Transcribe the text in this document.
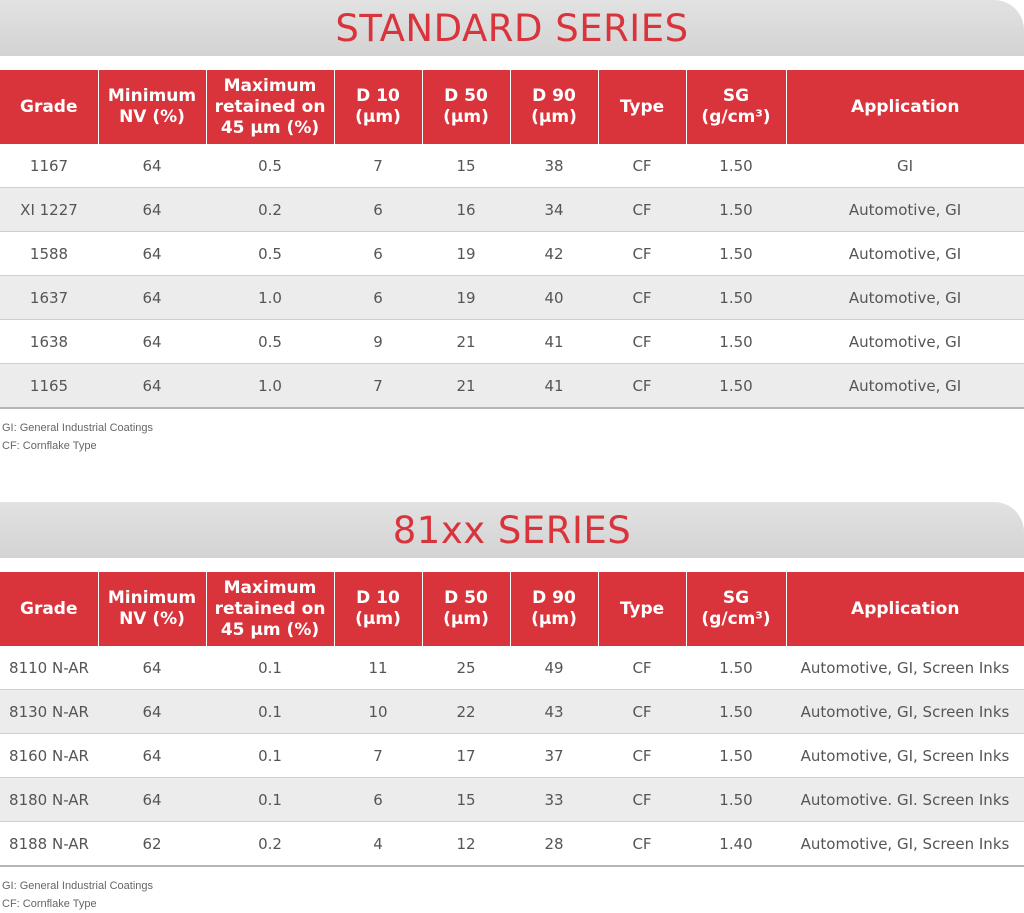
STANDARD SERIES
Grade	Minimum NV (%)	Maximum retained on 45 µm (%)	D 10 (µm)	D 50 (µm)	D 90 (µm)	Type	SG (g/cm³)	Application
1167	64	0.5	7	15	38	CF	1.50	GI
XI 1227	64	0.2	6	16	34	CF	1.50	Automotive, GI
1588	64	0.5	6	19	42	CF	1.50	Automotive, GI
1637	64	1.0	6	19	40	CF	1.50	Automotive, GI
1638	64	0.5	9	21	41	CF	1.50	Automotive, GI
1165	64	1.0	7	21	41	CF	1.50	Automotive, GI
GI: General Industrial Coatings
CF: Cornflake Type
81xx SERIES
Grade	Minimum NV (%)	Maximum retained on 45 µm (%)	D 10 (µm)	D 50 (µm)	D 90 (µm)	Type	SG (g/cm³)	Application
8110 N-AR	64	0.1	11	25	49	CF	1.50	Automotive, GI, Screen Inks
8130 N-AR	64	0.1	10	22	43	CF	1.50	Automotive, GI, Screen Inks
8160 N-AR	64	0.1	7	17	37	CF	1.50	Automotive, GI, Screen Inks
8180 N-AR	64	0.1	6	15	33	CF	1.50	Automotive. GI. Screen Inks
8188 N-AR	62	0.2	4	12	28	CF	1.40	Automotive, GI, Screen Inks
GI: General Industrial Coatings
CF: Cornflake Type
